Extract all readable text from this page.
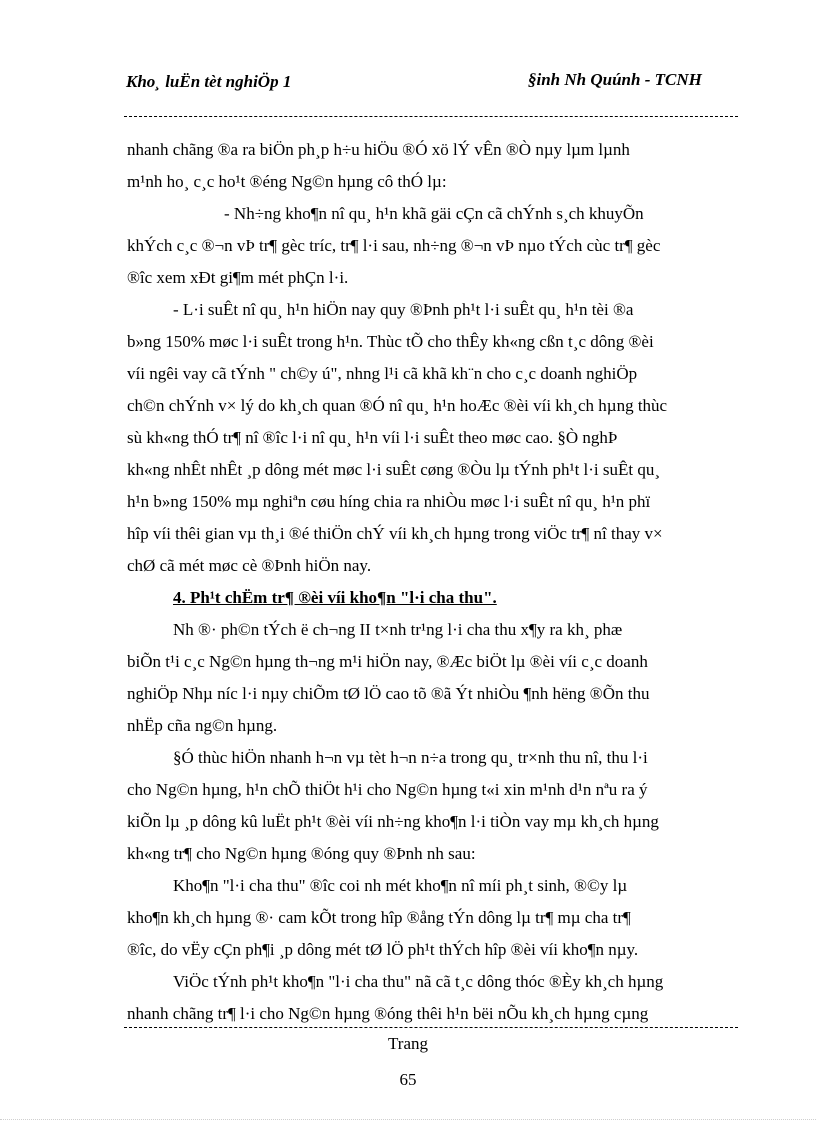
Kho¸ luËn tèt nghiÖp 1	§inh Nh Quúnh - TCNH
nhanh chãng ®a ra biÖn ph¸p h÷u hiÖu ®Ó xö lÝ vÊn ®Ò nµy lµm lµnh
m¹nh ho¸ c¸c ho¹t ®éng Ng©n hµng cô thÓ lµ:
- Nh÷ng kho¶n nî qu¸ h¹n khã gäi cÇn cã chÝnh s¸ch khuyÕn
khÝch c¸c ®¬n vÞ tr¶ gèc tríc, tr¶ l·i sau, nh÷ng ®¬n vÞ nµo tÝch cùc tr¶ gèc
®îc xem xÐt gi¶m mét phÇn l·i.
- L·i suÊt nî qu¸ h¹n hiÖn nay quy ®Þnh ph¹t l·i suÊt qu¸ h¹n tèi ®a
b»ng 150% møc l·i suÊt trong h¹n. Thùc tÕ cho thÊy kh«ng cßn t¸c dông ®èi
víi ngêi vay cã tÝnh " ch©y ú", nhng l¹i cã khã kh¨n cho c¸c doanh nghiÖp
ch©n chÝnh v× lý do kh¸ch quan ®Ó nî qu¸ h¹n hoÆc ®èi víi kh¸ch hµng thùc
sù kh«ng thÓ tr¶ nî ®îc l·i nî qu¸ h¹n víi l·i suÊt theo møc cao. §Ò nghÞ
kh«ng nhÊt nhÊt ¸p dông mét møc l·i suÊt cøng ®Òu lµ tÝnh ph¹t l·i suÊt qu¸
h¹n b»ng 150% mµ nghiªn cøu híng chia ra nhiÒu møc l·i suÊt nî qu¸ h¹n phï
hîp víi thêi gian vµ th¸i ®é thiÖn chÝ víi kh¸ch hµng trong viÖc tr¶ nî thay v×
chØ cã mét møc cè ®Þnh hiÖn nay.
4. Ph¹t chËm tr¶ ®èi víi kho¶n "l·i cha thu".
Nh ®· ph©n tÝch ë ch¬ng II t×nh tr¹ng l·i cha thu x¶y ra kh¸ phæ
biÕn t¹i c¸c Ng©n hµng th¬ng m¹i hiÖn nay, ®Æc biÖt lµ ®èi víi c¸c doanh
nghiÖp Nhµ níc l·i nµy chiÕm tØ lÖ cao tõ ®ã Ýt nhiÒu ¶nh hëng ®Õn thu
nhËp cña ng©n hµng.
§Ó thùc hiÖn nhanh h¬n vµ tèt h¬n n÷a trong qu¸ tr×nh thu nî, thu l·i
cho Ng©n hµng, h¹n chÕ thiÖt h¹i cho Ng©n hµng t«i xin m¹nh d¹n nªu ra ý
kiÕn lµ ¸p dông kû luËt ph¹t ®èi víi nh÷ng kho¶n l·i tiÒn vay mµ kh¸ch hµng
kh«ng tr¶ cho Ng©n hµng ®óng quy ®Þnh nh sau:
Kho¶n "l·i cha thu" ®îc coi nh mét kho¶n nî míi ph¸t sinh, ®©y lµ
kho¶n kh¸ch hµng ®· cam kÕt trong hîp ®ång tÝn dông lµ tr¶ mµ cha tr¶
®îc, do vËy cÇn ph¶i ¸p dông mét tØ lÖ ph¹t thÝch hîp ®èi víi kho¶n nµy.
ViÖc tÝnh ph¹t kho¶n "l·i cha thu" nã cã t¸c dông thóc ®Èy kh¸ch hµng
nhanh chãng tr¶ l·i cho Ng©n hµng ®óng thêi h¹n bëi nÕu kh¸ch hµng cµng
Trang
65
